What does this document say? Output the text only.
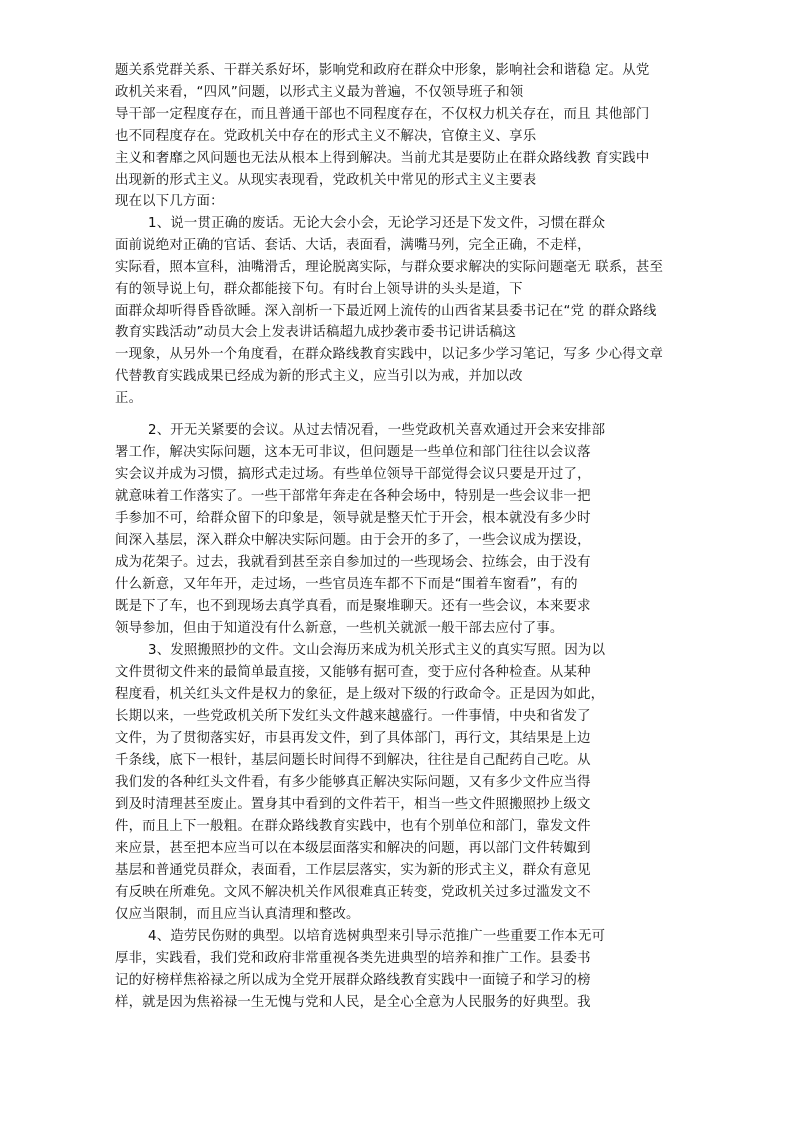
题关系党群关系、干群关系好坏，影响党和政府在群众中形象，影响社会和谐稳 定。从党
政机关来看，“四风”问题，以形式主义最为普遍，不仅领导班子和领
导干部一定程度存在，而且普通干部也不同程度存在，不仅权力机关存在，而且 其他部门
也不同程度存在。党政机关中存在的形式主义不解决，官僚主义、享乐
主义和奢靡之风问题也无法从根本上得到解决。当前尤其是要防止在群众路线教 育实践中
出现新的形式主义。从现实表现看，党政机关中常见的形式主义主要表
现在以下几方面：
1、说一贯正确的废话。无论大会小会，无论学习还是下发文件，习惯在群众
面前说绝对正确的官话、套话、大话，表面看，满嘴马列，完全正确，不走样，
实际看，照本宣科，油嘴滑舌，理论脱离实际，与群众要求解决的实际问题毫无 联系，甚至
有的领导说上句，群众都能接下句。有时台上领导讲的头头是道，下
面群众却听得昏昏欲睡。深入剖析一下最近网上流传的山西省某县委书记在“党 的群众路线
教育实践活动”动员大会上发表讲话稿超九成抄袭市委书记讲话稿这
一现象，从另外一个角度看，在群众路线教育实践中，以记多少学习笔记，写多 少心得文章
代替教育实践成果已经成为新的形式主义，应当引以为戒，并加以改
正。
2、开无关紧要的会议。从过去情况看，一些党政机关喜欢通过开会来安排部
署工作，解决实际问题，这本无可非议，但问题是一些单位和部门往往以会议落
实会议并成为习惯，搞形式走过场。有些单位领导干部觉得会议只要是开过了，
就意味着工作落实了。一些干部常年奔走在各种会场中，特别是一些会议非一把
手参加不可，给群众留下的印象是，领导就是整天忙于开会，根本就没有多少时
间深入基层，深入群众中解决实际问题。由于会开的多了，一些会议成为摆设，
成为花架子。过去，我就看到甚至亲自参加过的一些现场会、拉练会，由于没有
什么新意，又年年开，走过场，一些官员连车都不下而是“围着车窗看”，有的
既是下了车，也不到现场去真学真看，而是聚堆聊天。还有一些会议，本来要求
领导参加，但由于知道没有什么新意，一些机关就派一般干部去应付了事。
3、发照搬照抄的文件。文山会海历来成为机关形式主义的真实写照。因为以
文件贯彻文件来的最简单最直接，又能够有据可查，变于应付各种检查。从某种
程度看，机关红头文件是权力的象征，是上级对下级的行政命令。正是因为如此，
长期以来，一些党政机关所下发红头文件越来越盛行。一件事情，中央和省发了
文件，为了贯彻落实好，市县再发文件，到了具体部门，再行文，其结果是上边
千条线，底下一根针，基层问题长时间得不到解决，往往是自己配药自己吃。从
我们发的各种红头文件看，有多少能够真正解决实际问题，又有多少文件应当得
到及时清理甚至废止。置身其中看到的文件若干，相当一些文件照搬照抄上级文
件，而且上下一般粗。在群众路线教育实践中，也有个别单位和部门，靠发文件
来应景，甚至把本应当可以在本级层面落实和解决的问题，再以部门文件转娵到
基层和普通党员群众，表面看，工作层层落实，实为新的形式主义，群众有意见
有反映在所难免。文风不解决机关作风很难真正转变，党政机关过多过滥发文不
仅应当限制，而且应当认真清理和整改。
4、造劳民伤财的典型。以培育选树典型来引导示范推广一些重要工作本无可
厚非，实践看，我们党和政府非常重视各类先进典型的培养和推广工作。县委书
记的好榜样焦裕禄之所以成为全党开展群众路线教育实践中一面镜子和学习的榜
样，就是因为焦裕禄一生无愧与党和人民，是全心全意为人民服务的好典型。我
